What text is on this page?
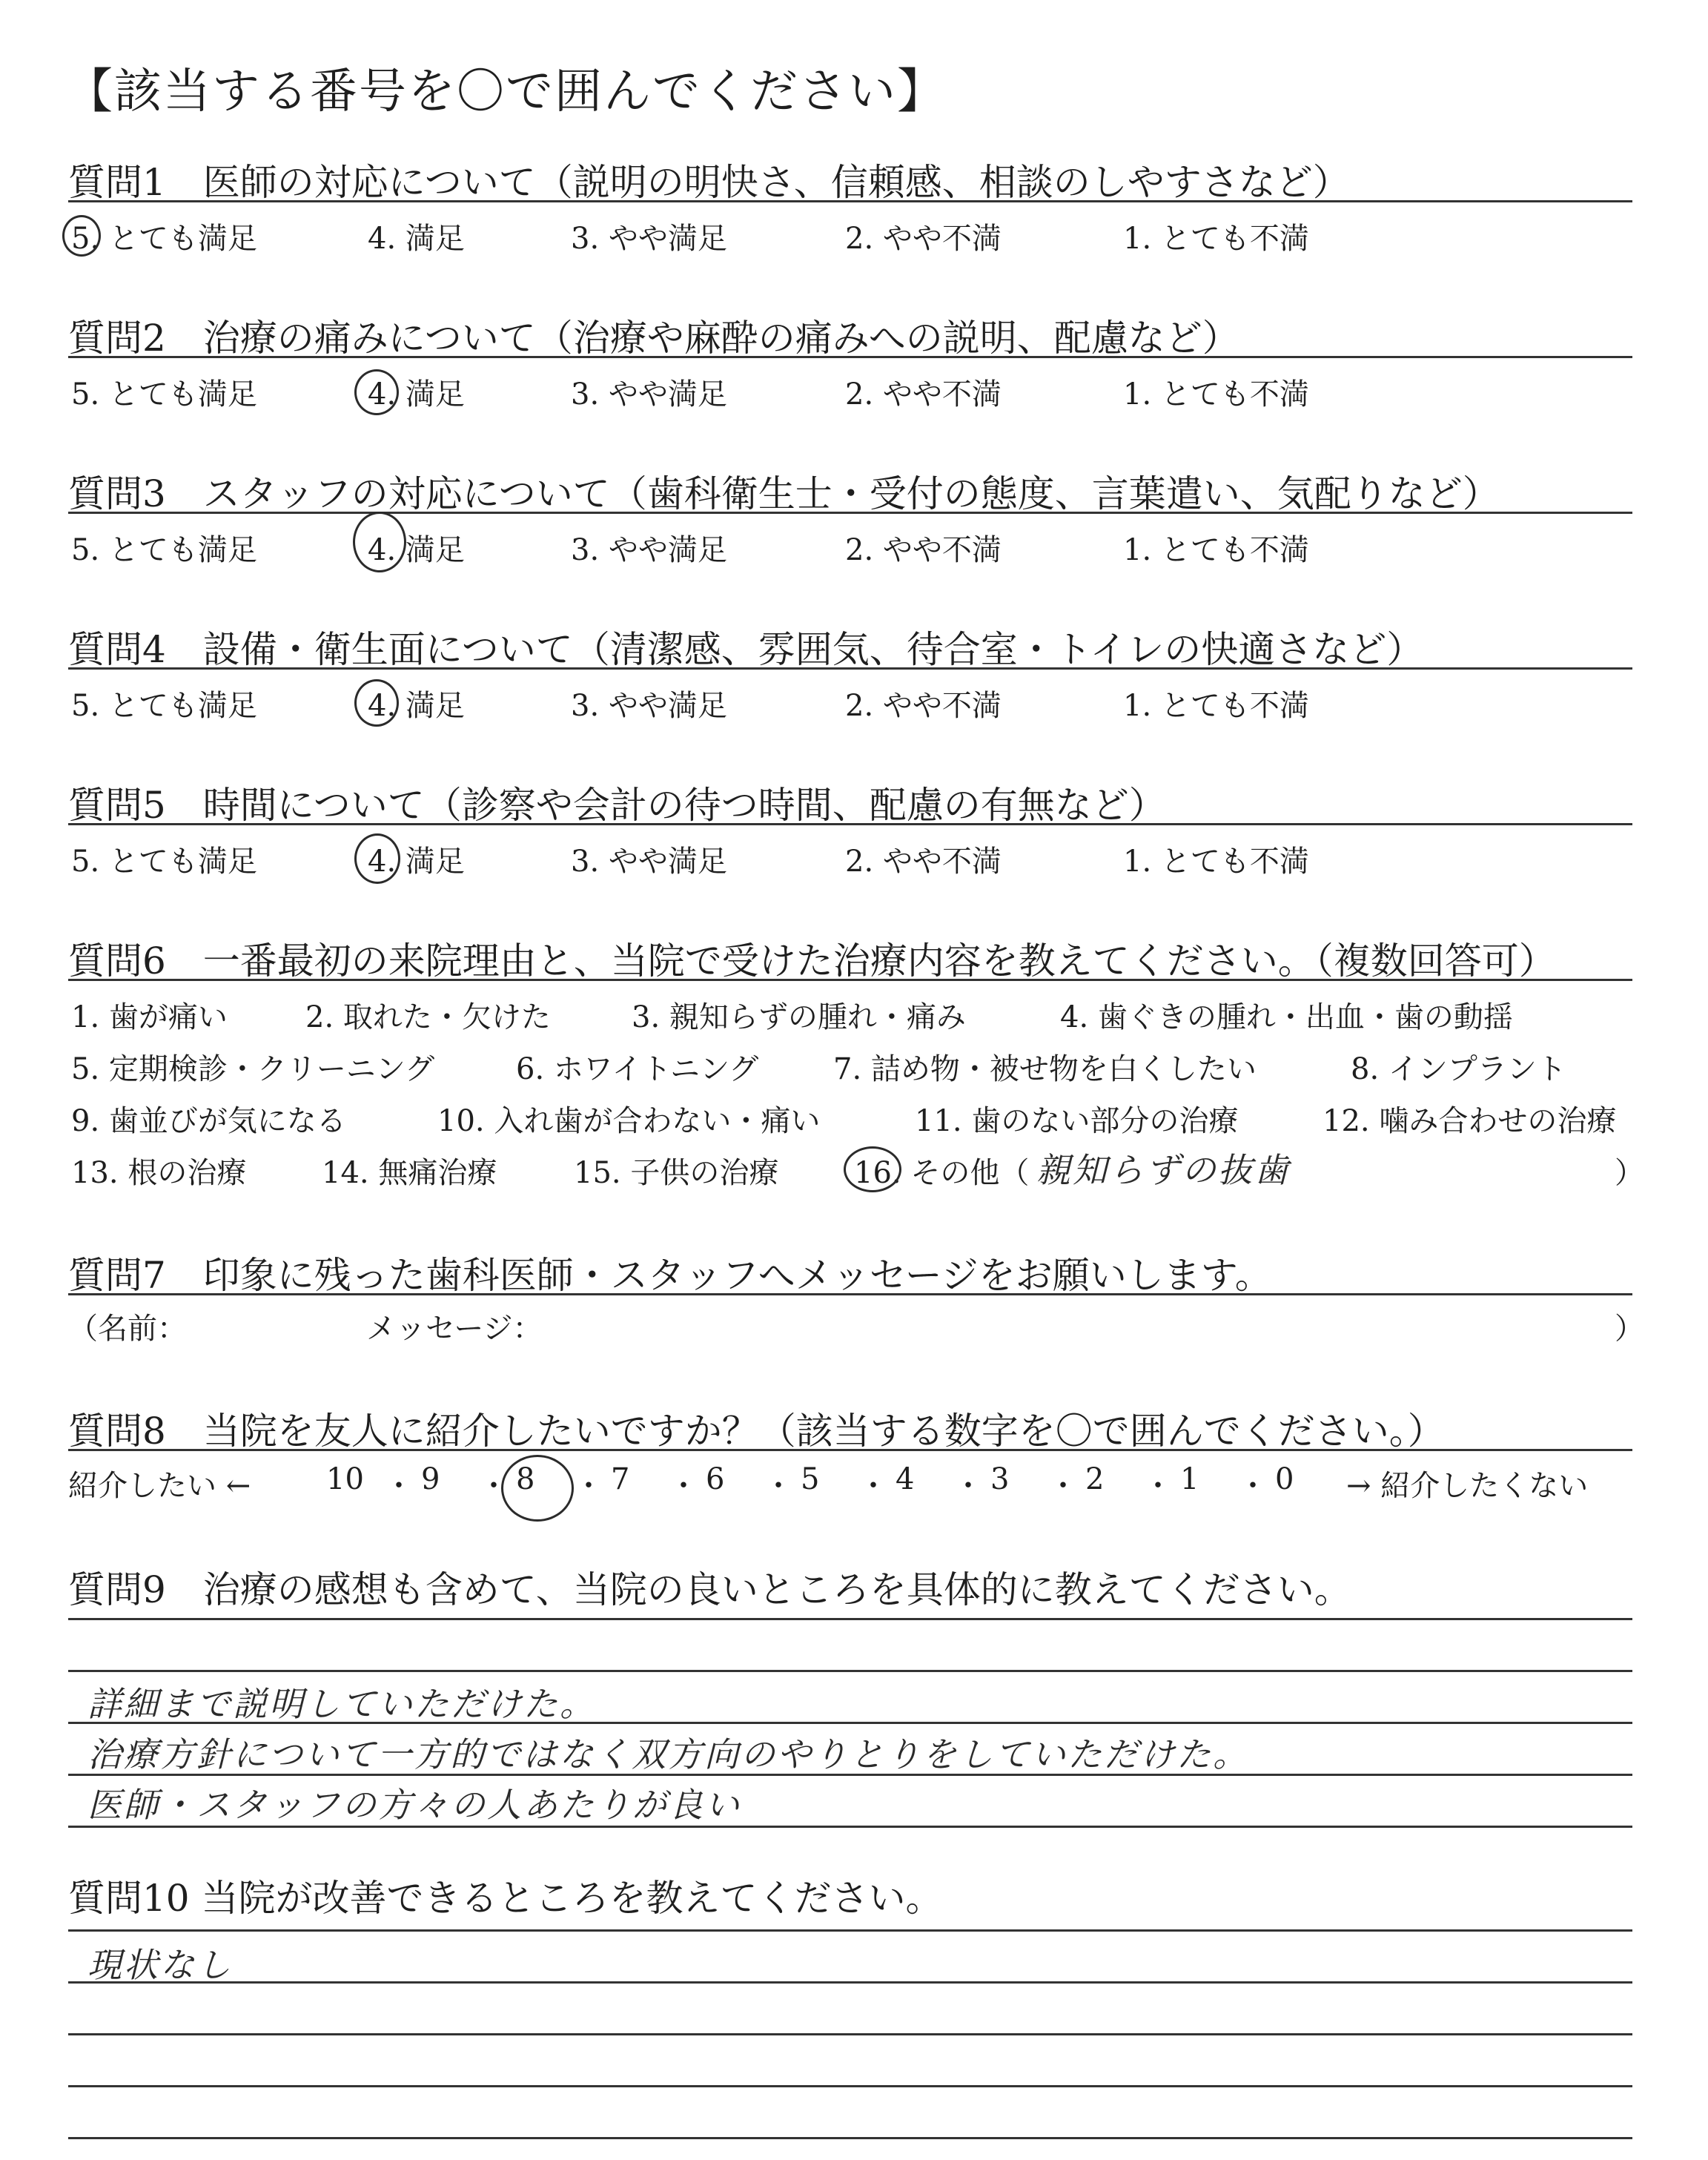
【該当する番号を〇で囲んでください】
質問1　医師の対応について（説明の明快さ、信頼感、相談のしやすさなど）
5. とても満足	4. 満足	3. やや満足	2. やや不満	1. とても不満
質問2　治療の痛みについて（治療や麻酔の痛みへの説明、配慮など）
5. とても満足	4. 満足	3. やや満足	2. やや不満	1. とても不満
質問3　スタッフの対応について（歯科衛生士・受付の態度、言葉遣い、気配りなど）
5. とても満足	4. 満足	3. やや満足	2. やや不満	1. とても不満
質問4　設備・衛生面について（清潔感、雰囲気、待合室・トイレの快適さなど）
5. とても満足	4. 満足	3. やや満足	2. やや不満	1. とても不満
質問5　時間について（診察や会計の待つ時間、配慮の有無など）
5. とても満足	4. 満足	3. やや満足	2. やや不満	1. とても不満
質問6　一番最初の来院理由と、当院で受けた治療内容を教えてください。（複数回答可）
1. 歯が痛い	2. 取れた・欠けた	3. 親知らずの腫れ・痛み	4. 歯ぐきの腫れ・出血・歯の動揺
5. 定期検診・クリーニング	6. ホワイトニング	7. 詰め物・被せ物を白くしたい	8. インプラント
9. 歯並びが気になる	10. 入れ歯が合わない・痛い	11. 歯のない部分の治療	12. 噛み合わせの治療
13. 根の治療	14. 無痛治療	15. 子供の治療	16. その他（ 親知らずの抜歯	）
質問7　印象に残った歯科医師・スタッフへメッセージをお願いします。
（名前：	メッセージ：	）
質問8　当院を友人に紹介したいですか？（該当する数字を〇で囲んでください。）
紹介したい ←	→ 紹介したくない
10 ・ 9 ・ 8 ・ 7 ・ 6 ・ 5 ・ 4 ・ 3 ・ 2 ・ 1 ・ 0
質問9　治療の感想も含めて、当院の良いところを具体的に教えてください。
詳細まで説明していただけた。
治療方針について一方的ではなく双方向のやりとりをしていただけた。
医師・スタッフの方々の人あたりが良い
質問10 当院が改善できるところを教えてください。
現状なし
